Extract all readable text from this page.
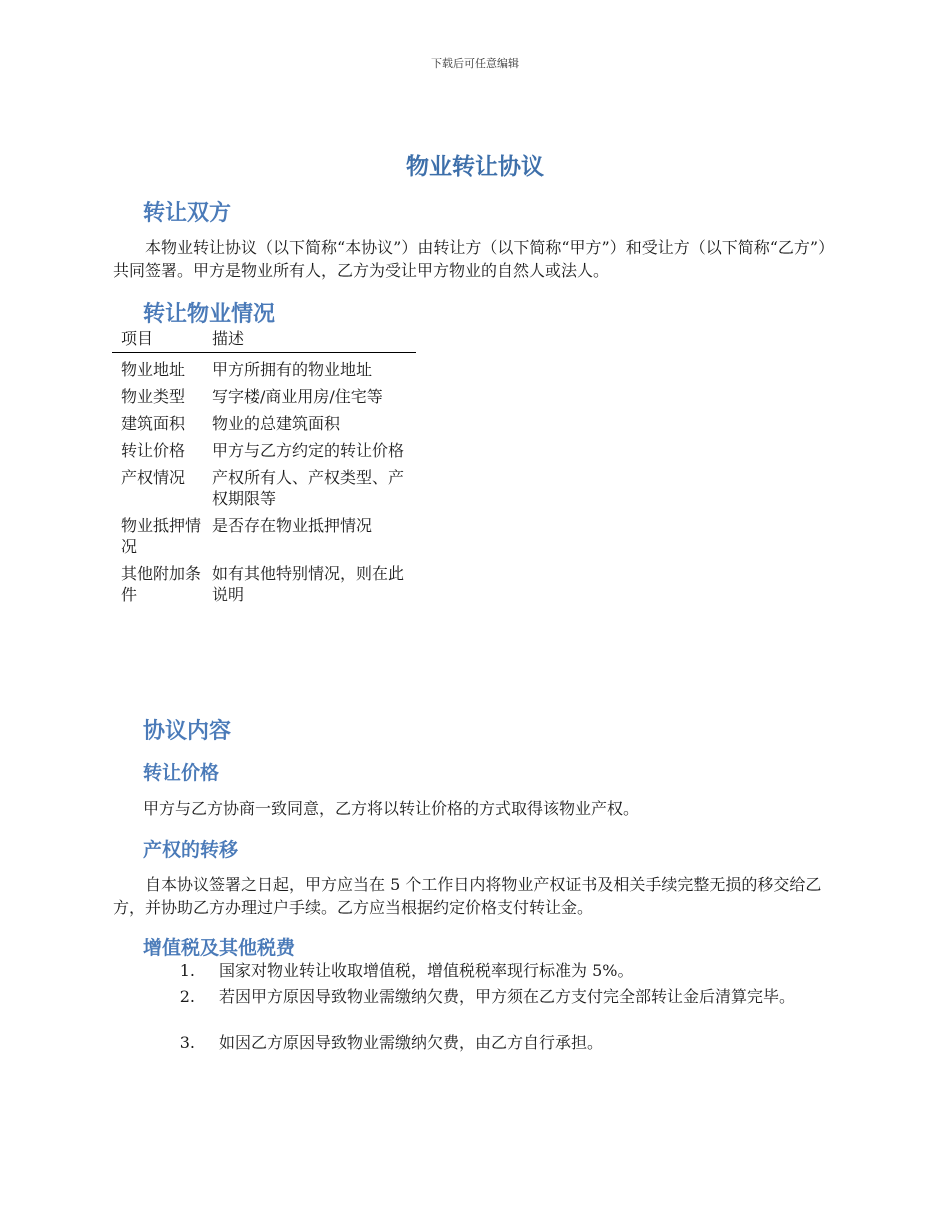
下载后可任意编辑
物业转让协议
转让双方

本物业转让协议（以下简称“本协议”）由转让方（以下简称“甲方”）和受让方（以下简称“乙方”）共同签署。甲方是物业所有人，乙方为受让甲方物业的自然人或法人。

转让物业情况
项目	描述
物业地址	甲方所拥有的物业地址
物业类型	写字楼/商业用房/住宅等
建筑面积	物业的总建筑面积
转让价格	甲方与乙方约定的转让价格
产权情况	产权所有人、产权类型、产权期限等
物业抵押情况	是否存在物业抵押情况
其他附加条件	如有其他特别情况，则在此说明
协议内容
转让价格

甲方与乙方协商一致同意，乙方将以转让价格的方式取得该物业产权。

产权的转移

自本协议签署之日起，甲方应当在 5 个工作日内将物业产权证书及相关手续完整无损的移交给乙方，并协助乙方办理过户手续。乙方应当根据约定价格支付转让金。

增值税及其他税费

1. 国家对物业转让收取增值税，增值税税率现行标准为 5%。

2. 若因甲方原因导致物业需缴纳欠费，甲方须在乙方支付完全部转让金后清算完毕。

3. 如因乙方原因导致物业需缴纳欠费，由乙方自行承担。
